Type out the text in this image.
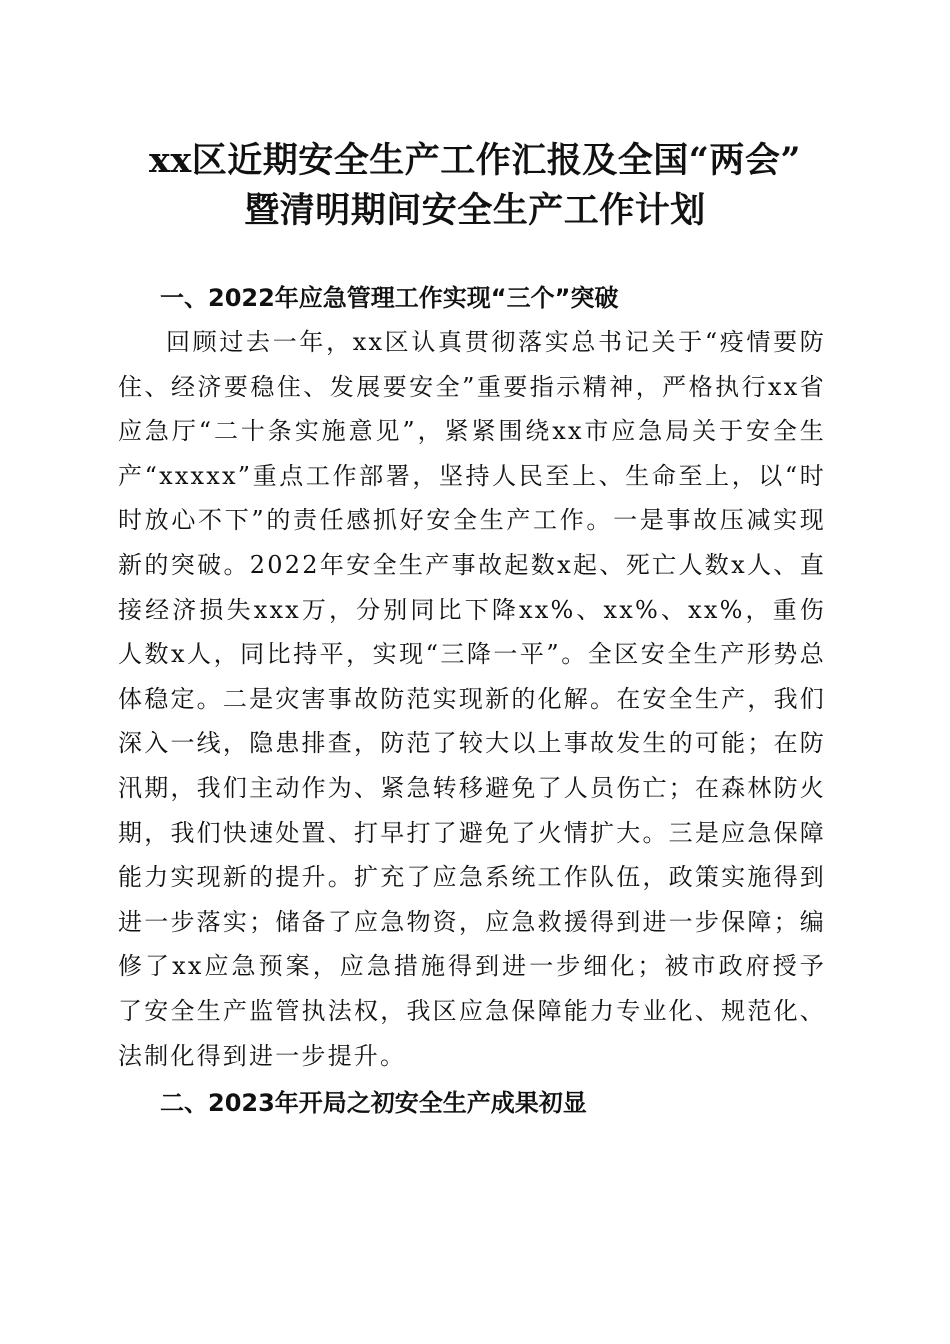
xx区近期安全生产工作汇报及全国“两会”
暨清明期间安全生产工作计划
一、2022年应急管理工作实现“三个”突破

回顾过去一年，xx区认真贯彻落实总书记关于“疫情要防住、经济要稳住、发展要安全”重要指示精神，严格执行xx省应急厅“二十条实施意见”，紧紧围绕xx市应急局关于安全生产“xxxxx”重点工作部署，坚持人民至上、生命至上，以“时时放心不下”的责任感抓好安全生产工作。一是事故压减实现新的突破。2022年安全生产事故起数x起、死亡人数x人、直接经济损失xxx万，分别同比下降xx%、xx%、xx%，重伤人数x人，同比持平，实现“三降一平”。全区安全生产形势总体稳定。二是灾害事故防范实现新的化解。在安全生产，我们深入一线，隐患排查，防范了较大以上事故发生的可能；在防汛期，我们主动作为、紧急转移避免了人员伤亡；在森林防火期，我们快速处置、打早打了避免了火情扩大。三是应急保障能力实现新的提升。扩充了应急系统工作队伍，政策实施得到进一步落实；储备了应急物资，应急救援得到进一步保障；编修了xx应急预案，应急措施得到进一步细化；被市政府授予了安全生产监管执法权，我区应急保障能力专业化、规范化、法制化得到进一步提升。

二、2023年开局之初安全生产成果初显
